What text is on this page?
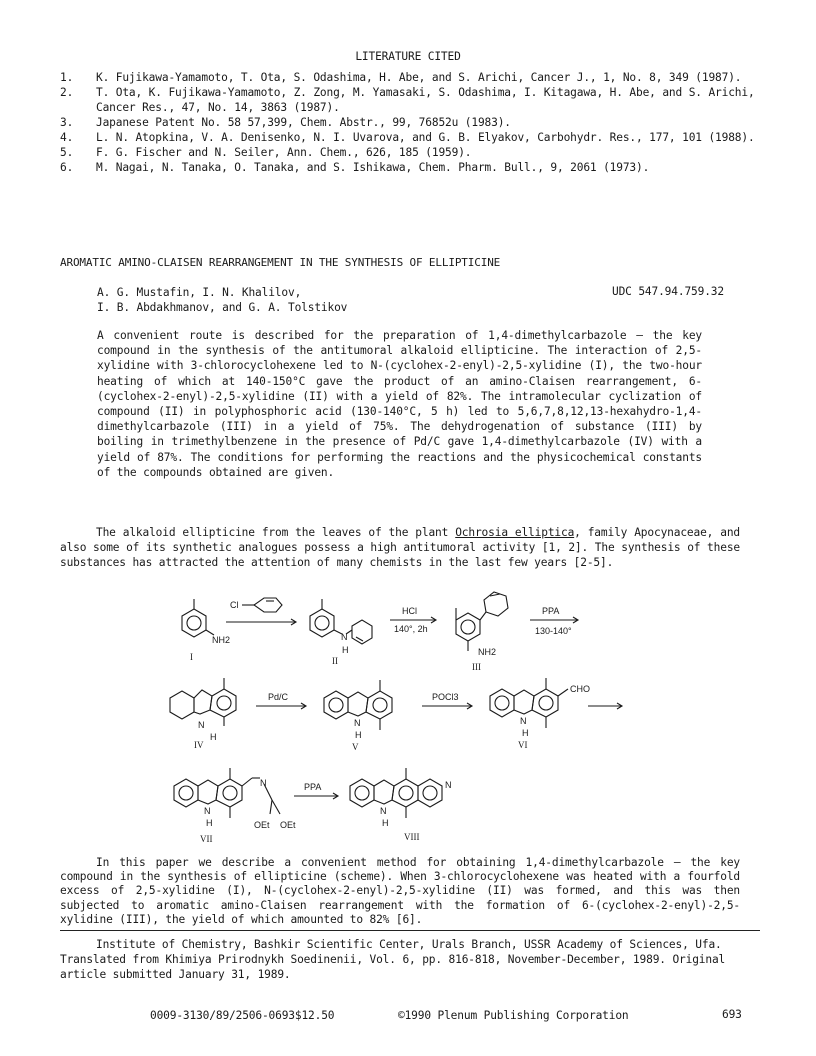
LITERATURE CITED
1.	K. Fujikawa-Yamamoto, T. Ota, S. Odashima, H. Abe, and S. Arichi, Cancer J., 1, No. 8, 349 (1987).
2.	T. Ota, K. Fujikawa-Yamamoto, Z. Zong, M. Yamasaki, S. Odashima, I. Kitagawa, H. Abe, and S. Arichi, Cancer Res., 47, No. 14, 3863 (1987).
3.	Japanese Patent No. 58 57,399, Chem. Abstr., 99, 76852u (1983).
4.	L. N. Atopkina, V. A. Denisenko, N. I. Uvarova, and G. B. Elyakov, Carbohydr. Res., 177, 101 (1988).
5.	F. G. Fischer and N. Seiler, Ann. Chem., 626, 185 (1959).
6.	M. Nagai, N. Tanaka, O. Tanaka, and S. Ishikawa, Chem. Pharm. Bull., 9, 2061 (1973).
AROMATIC AMINO-CLAISEN REARRANGEMENT IN THE SYNTHESIS OF ELLIPTICINE
A. G. Mustafin, I. N. Khalilov,
I. B. Abdakhmanov, and G. A. Tolstikov
UDC 547.94.759.32
A convenient route is described for the preparation of 1,4-dimethylcarbazole — the key compound in the synthesis of the antitumoral alkaloid ellipticine. The interaction of 2,5-xylidine with 3-chlorocyclohexene led to N-(cyclohex-2-enyl)-2,5-xylidine (I), the two-hour heating of which at 140-150°C gave the product of an amino-Claisen rearrangement, 6-(cyclohex-2-enyl)-2,5-xylidine (II) with a yield of 82%. The intramolecular cyclization of compound (II) in polyphosphoric acid (130-140°C, 5 h) led to 5,6,7,8,12,13-hexahydro-1,4-dimethylcarbazole (III) in a yield of 75%. The dehydrogenation of substance (III) by boiling in trimethylbenzene in the presence of Pd/C gave 1,4-dimethylcarbazole (IV) with a yield of 87%. The conditions for performing the reactions and the physicochemical constants of the compounds obtained are given.
The alkaloid ellipticine from the leaves of the plant Ochrosia elliptica, family Apocynaceae, and also some of its synthetic analogues possess a high antitumoral activity [1, 2]. The synthesis of these substances has attracted the attention of many chemists in the last few years [2-5].
NH2
I
Cl
N
H
II
HCl
140°, 2h
NH2
III
PPA
130-140°
N
H
IV
Pd/C
N
H
V
POCl3
CHO
N
H
VI
N
N
H	OEt OEt
VII
PPA	N
N
H
VIII
In this paper we describe a convenient method for obtaining 1,4-dimethylcarbazole — the key compound in the synthesis of ellipticine (scheme). When 3-chlorocyclohexene was heated with a fourfold excess of 2,5-xylidine (I), N-(cyclohex-2-enyl)-2,5-xylidine (II) was formed, and this was then subjected to aromatic amino-Claisen rearrangement with the formation of 6-(cyclohex-2-enyl)-2,5-xylidine (III), the yield of which amounted to 82% [6].
Institute of Chemistry, Bashkir Scientific Center, Urals Branch, USSR Academy of Sciences, Ufa. Translated from Khimiya Prirodnykh Soedinenii, Vol. 6, pp. 816-818, November-December, 1989. Original article submitted January 31, 1989.
0009-3130/89/2506-0693$12.50	©1990 Plenum Publishing Corporation	693
